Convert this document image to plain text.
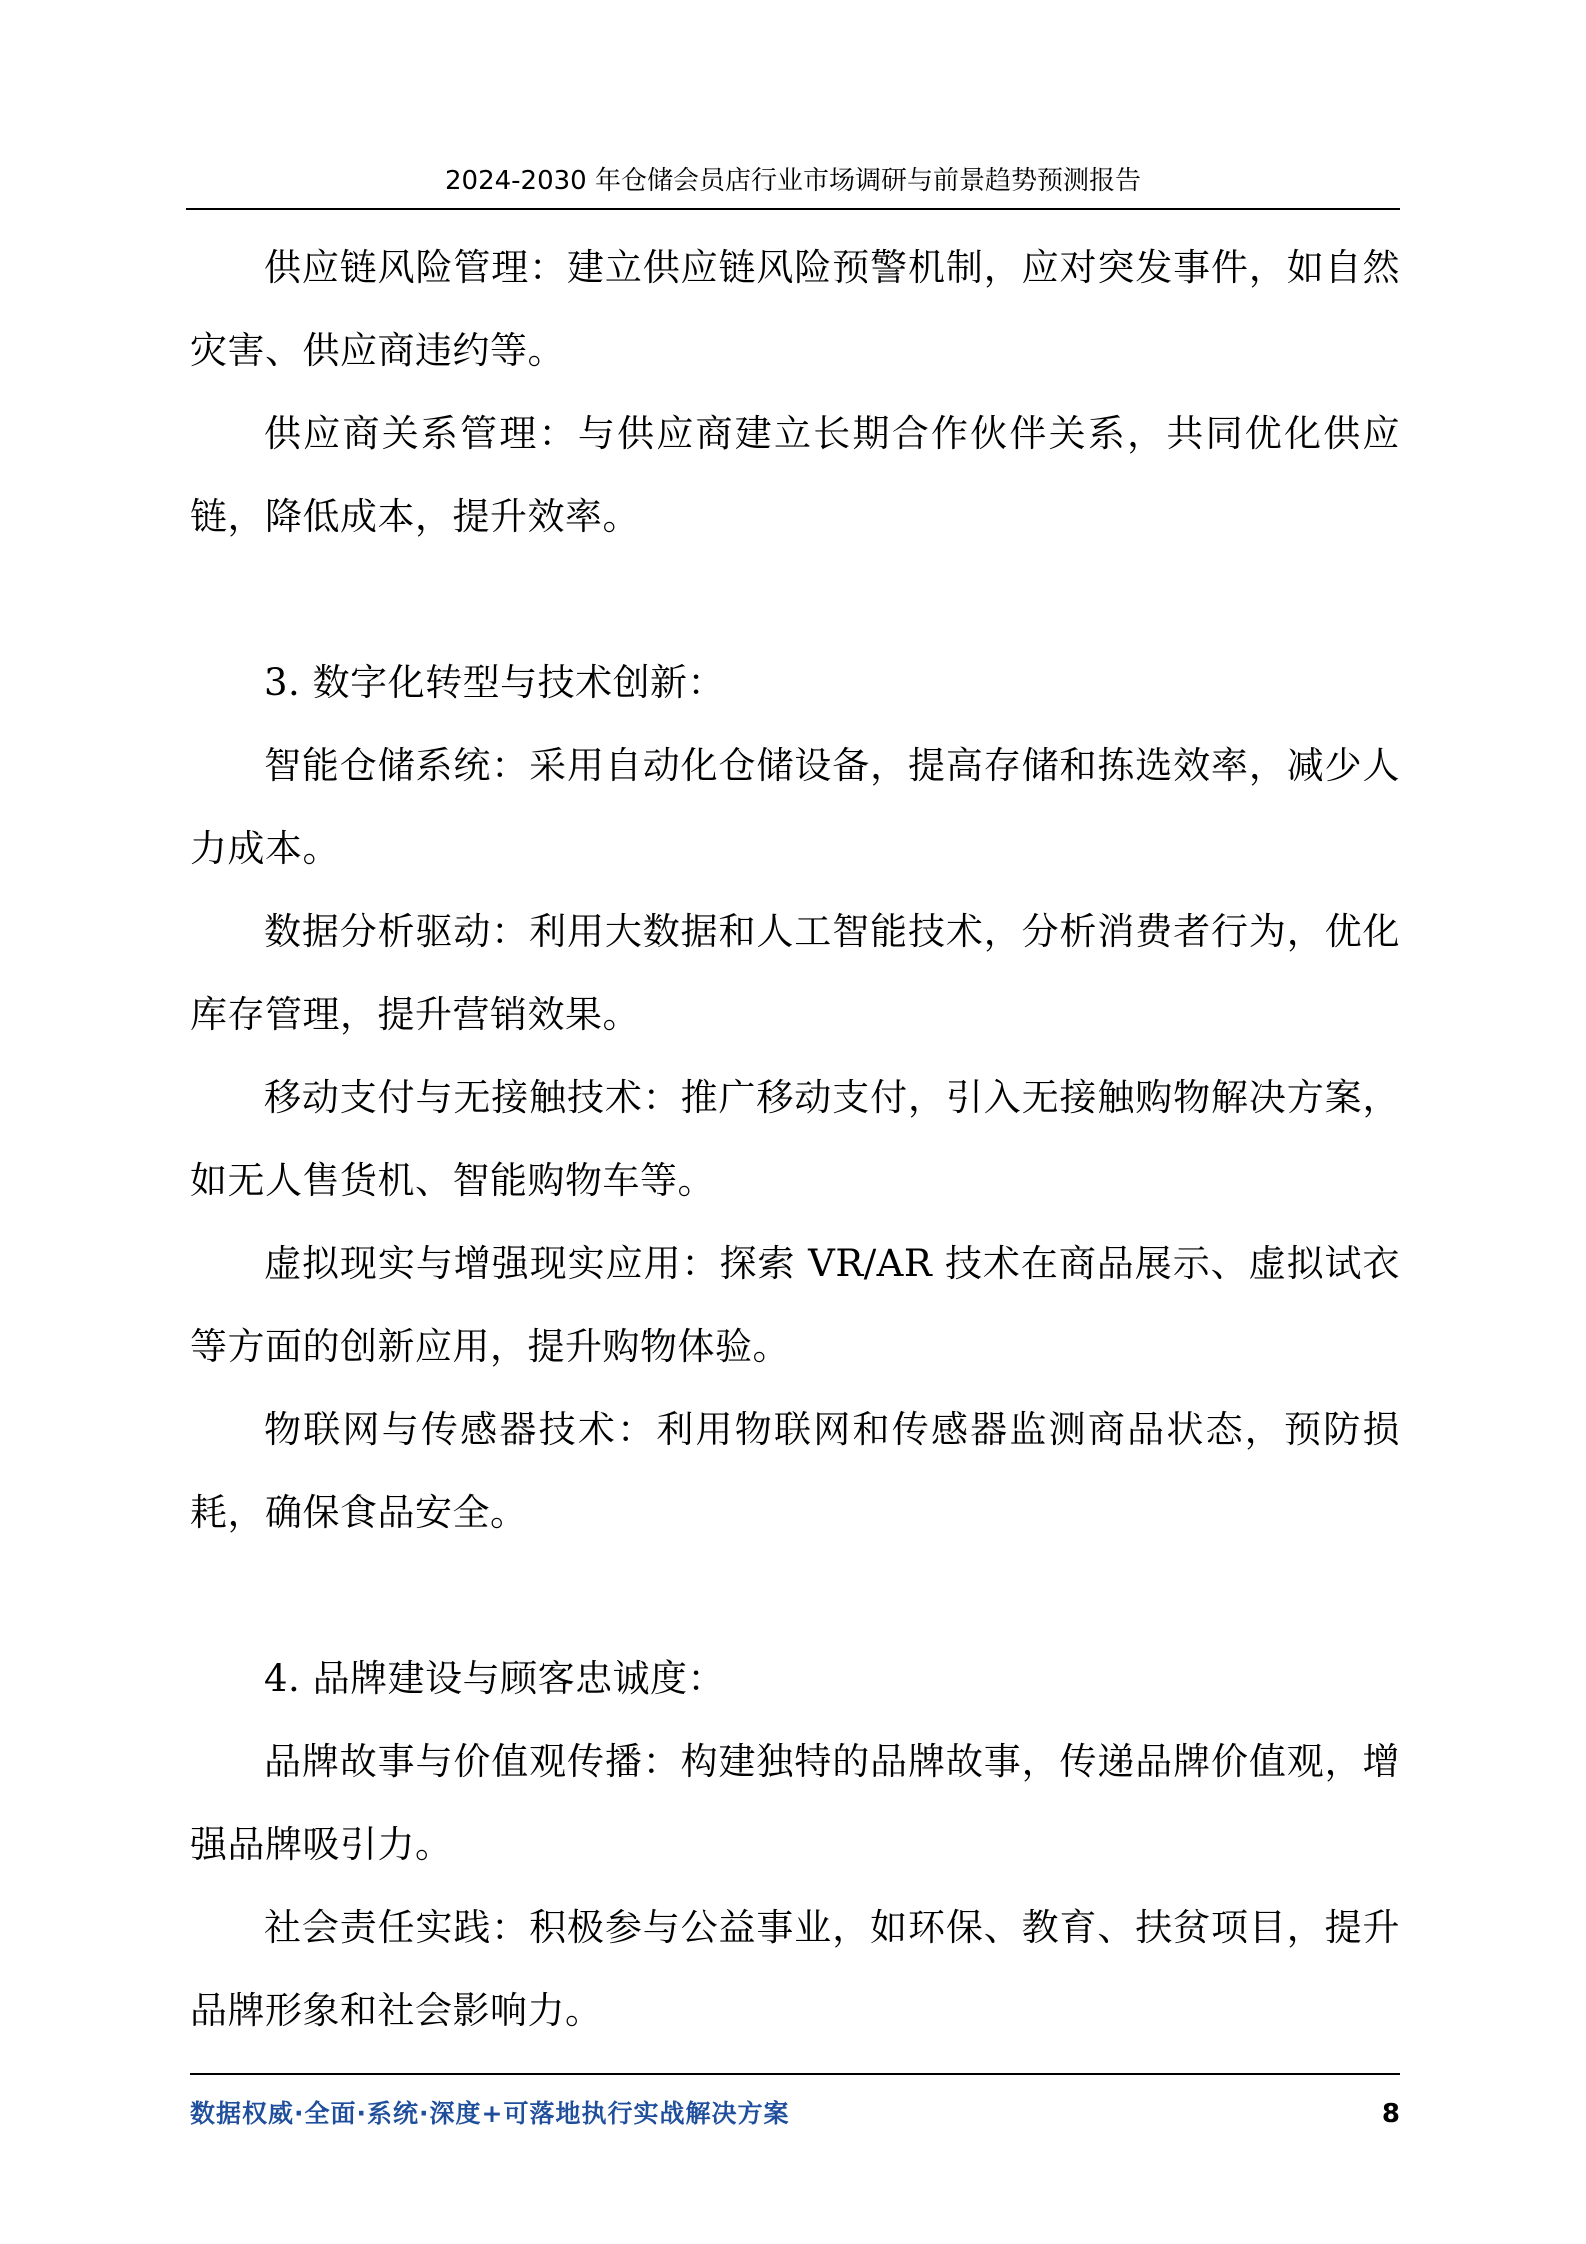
2024-2030 年仓储会员店行业市场调研与前景趋势预测报告

供应链风险管理：建立供应链风险预警机制，应对突发事件，如自然灾害、供应商违约等。

供应商关系管理：与供应商建立长期合作伙伴关系，共同优化供应链，降低成本，提升效率。

3. 数字化转型与技术创新：

智能仓储系统：采用自动化仓储设备，提高存储和拣选效率，减少人力成本。

数据分析驱动：利用大数据和人工智能技术，分析消费者行为，优化库存管理，提升营销效果。

移动支付与无接触技术：推广移动支付，引入无接触购物解决方案，如无人售货机、智能购物车等。

虚拟现实与增强现实应用：探索 VR/AR 技术在商品展示、虚拟试衣等方面的创新应用，提升购物体验。

物联网与传感器技术：利用物联网和传感器监测商品状态，预防损耗，确保食品安全。

4. 品牌建设与顾客忠诚度：

品牌故事与价值观传播：构建独特的品牌故事，传递品牌价值观，增强品牌吸引力。

社会责任实践：积极参与公益事业，如环保、教育、扶贫项目，提升品牌形象和社会影响力。

数据权威·全面·系统·深度+可落地执行实战解决方案	8
